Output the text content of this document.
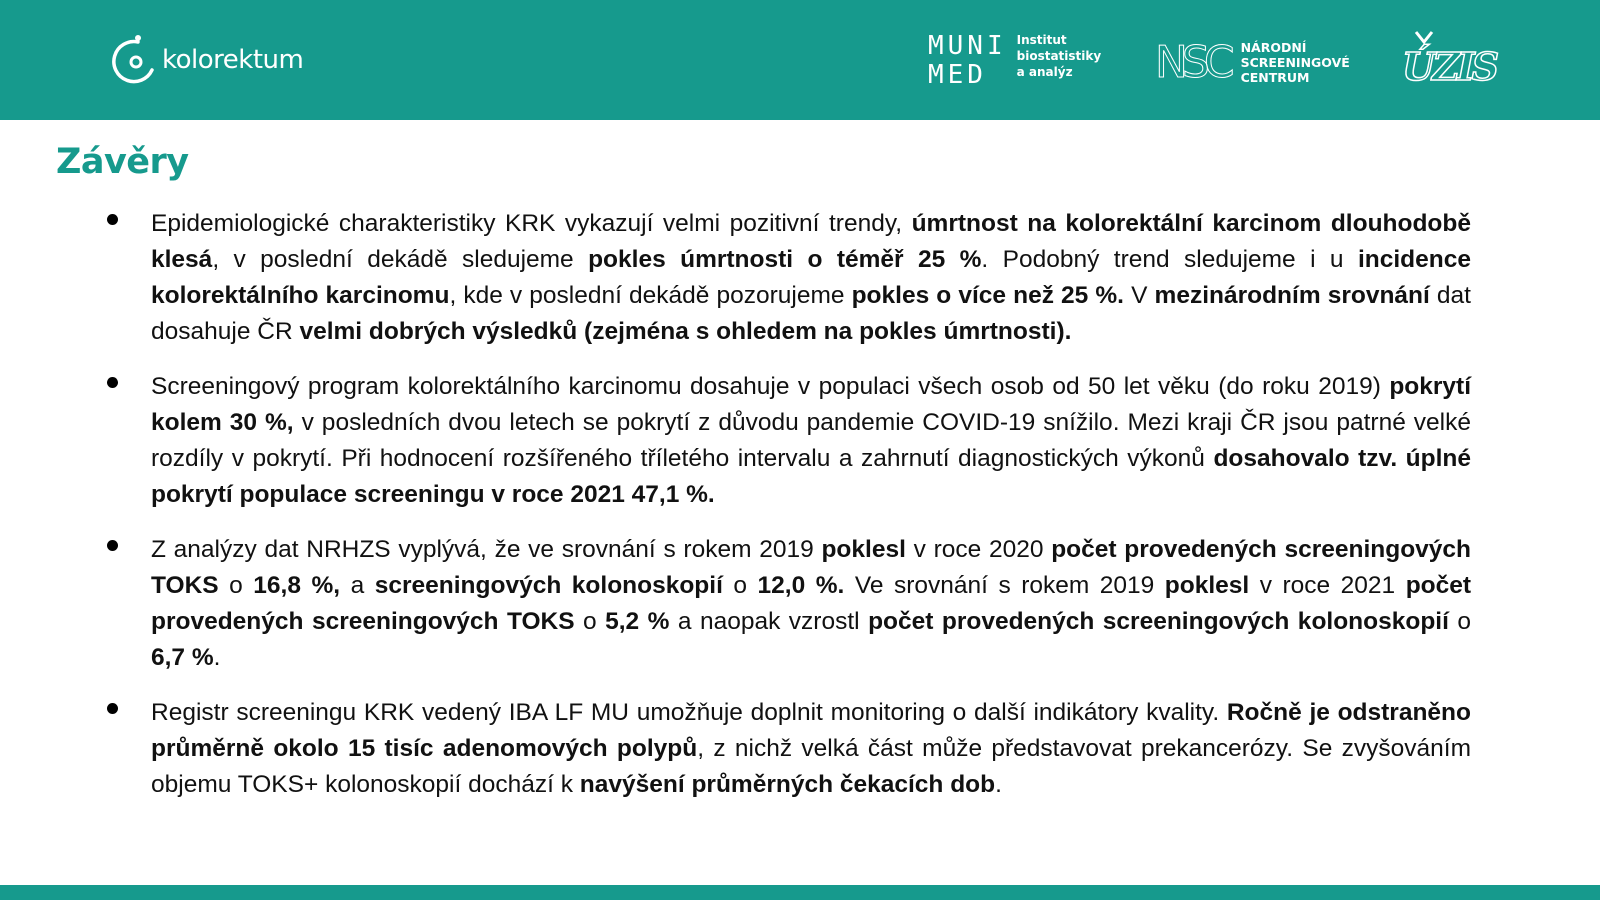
kolorektum	MUNI
MED
Institut
biostatistiky
a analýz	NSC NÁRODNÍ
SCREENINGOVÉ
CENTRUM	ÚZIS
Závěry
Epidemiologické charakteristiky KRK vykazují velmi pozitivní trendy, úmrtnost na kolorektální karcinom dlouhodobě klesá, v poslední dekádě sledujeme pokles úmrtnosti o téměř 25 %. Podobný trend sledujeme i u incidence kolorektálního karcinomu, kde v poslední dekádě pozorujeme pokles o více než 25 %. V mezinárodním srovnání dat dosahuje ČR velmi dobrých výsledků (zejména s ohledem na pokles úmrtnosti).
Screeningový program kolorektálního karcinomu dosahuje v populaci všech osob od 50 let věku (do roku 2019) pokrytí kolem 30 %, v posledních dvou letech se pokrytí z důvodu pandemie COVID-19 snížilo. Mezi kraji ČR jsou patrné velké rozdíly v pokrytí. Při hodnocení rozšířeného tříletého intervalu a zahrnutí diagnostických výkonů dosahovalo tzv. úplné pokrytí populace screeningu v roce 2021 47,1 %.
Z analýzy dat NRHZS vyplývá, že ve srovnání s rokem 2019 poklesl v roce 2020 počet provedených screeningových TOKS o 16,8 %, a screeningových kolonoskopií o 12,0 %. Ve srovnání s rokem 2019 poklesl v roce 2021 počet provedených screeningových TOKS o 5,2 % a naopak vzrostl počet provedených screeningových kolonoskopií o 6,7 %.
Registr screeningu KRK vedený IBA LF MU umožňuje doplnit monitoring o další indikátory kvality. Ročně je odstraněno průměrně okolo 15 tisíc adenomových polypů, z nichž velká část může představovat prekancerózy. Se zvyšováním objemu TOKS+ kolonoskopií dochází k navýšení průměrných čekacích dob.
